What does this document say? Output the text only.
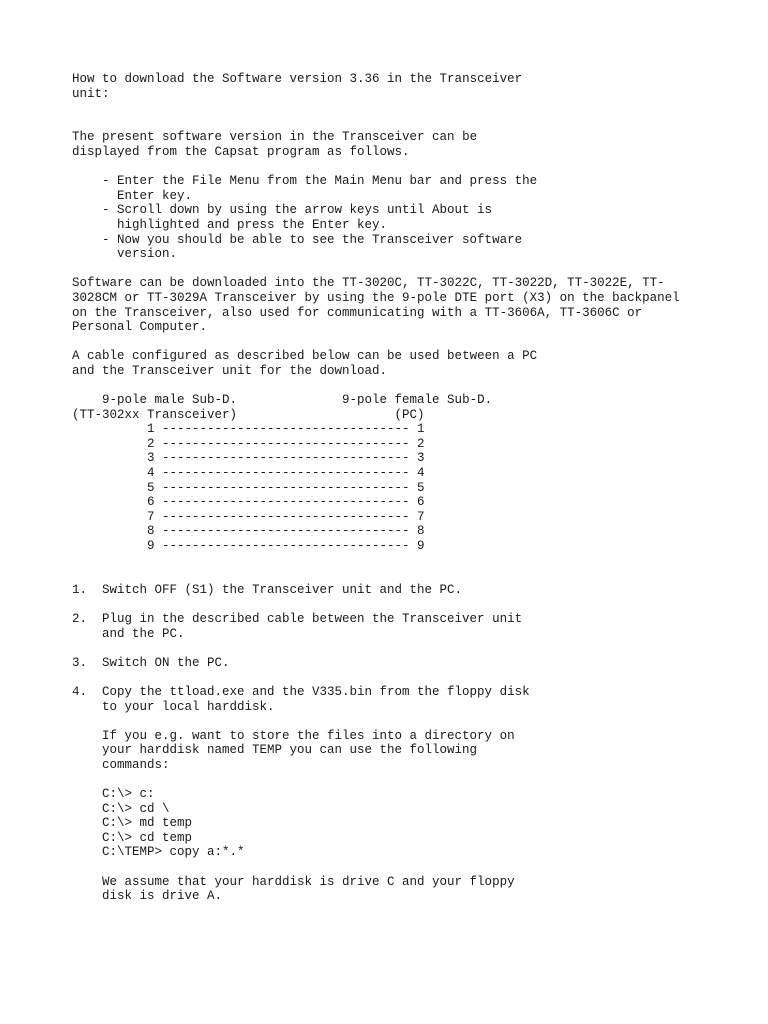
How to download the Software version 3.36 in the Transceiver
unit:
The present software version in the Transceiver can be
displayed from the Capsat program as follows.
- Enter the File Menu from the Main Menu bar and press the
Enter key.
- Scroll down by using the arrow keys until About is
highlighted and press the Enter key.
- Now you should be able to see the Transceiver software
version.
Software can be downloaded into the TT-3020C, TT-3022C, TT-3022D, TT-3022E, TT-
3028CM or TT-3029A Transceiver by using the 9-pole DTE port (X3) on the backpanel
on the Transceiver, also used for communicating with a TT-3606A, TT-3606C or
Personal Computer.
A cable configured as described below can be used between a PC
and the Transceiver unit for the download.
9-pole male Sub-D.              9-pole female Sub-D.
(TT-302xx Transceiver)                     (PC)
1 --------------------------------- 1
2 --------------------------------- 2
3 --------------------------------- 3
4 --------------------------------- 4
5 --------------------------------- 5
6 --------------------------------- 6
7 --------------------------------- 7
8 --------------------------------- 8
9 --------------------------------- 9
1.	Switch OFF (S1) the Transceiver unit and the PC.
2.	Plug in the described cable between the Transceiver unit
and the PC.
3.	Switch ON the PC.
4.	Copy the ttload.exe and the V335.bin from the floppy disk
to your local harddisk.
If you e.g. want to store the files into a directory on
your harddisk named TEMP you can use the following
commands:
C:\> c:
C:\> cd \
C:\> md temp
C:\> cd temp
C:\TEMP> copy a:*.*
We assume that your harddisk is drive C and your floppy
disk is drive A.
